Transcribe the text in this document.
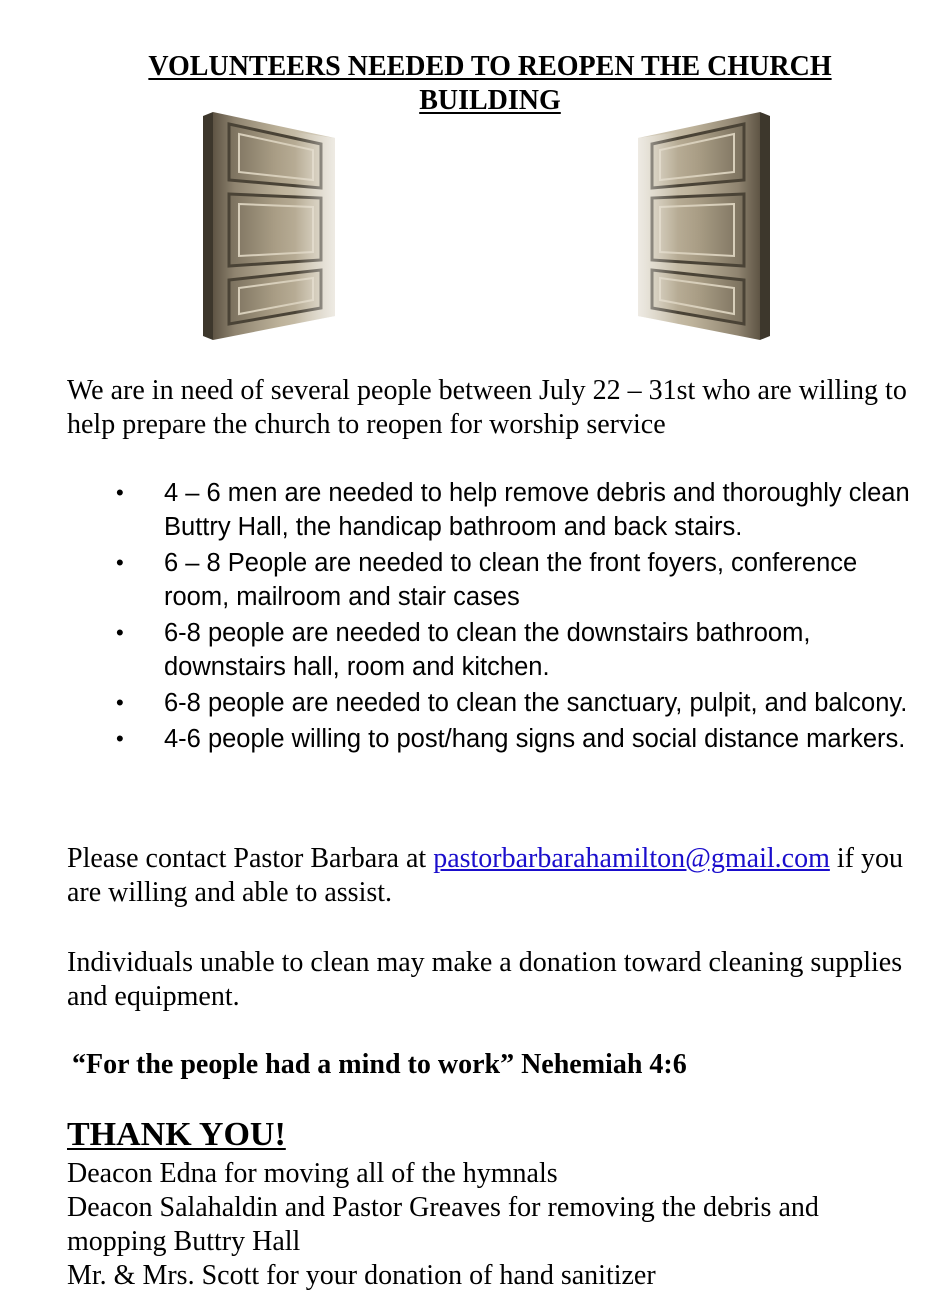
VOLUNTEERS NEEDED TO REOPEN THE CHURCH
BUILDING

We are in need of several people between July 22 – 31st who are willing to help prepare the church to reopen for worship service

• 4 – 6 men are needed to help remove debris and thoroughly clean Buttry Hall, the handicap bathroom and back stairs.
• 6 – 8 People are needed to clean the front foyers, conference room, mailroom and stair cases
• 6-8 people are needed to clean the downstairs bathroom, downstairs hall, room and kitchen.
• 6-8 people are needed to clean the sanctuary, pulpit, and balcony.
• 4-6 people willing to post/hang signs and social distance markers.

Please contact Pastor Barbara at pastorbarbarahamilton@gmail.com if you are willing and able to assist.

Individuals unable to clean may make a donation toward cleaning supplies and equipment.

“For the people had a mind to work” Nehemiah 4:6

THANK YOU!
Deacon Edna for moving all of the hymnals
Deacon Salahaldin and Pastor Greaves for removing the debris and mopping Buttry Hall
Mr. & Mrs. Scott for your donation of hand sanitizer
